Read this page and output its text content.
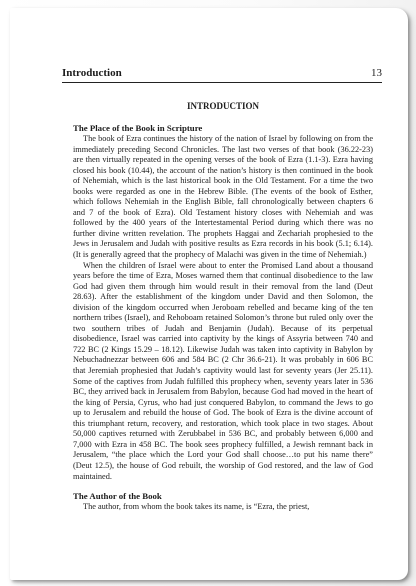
Introduction	13
INTRODUCTION
The Place of the Book in Scripture

The book of Ezra continues the history of the nation of Israel by following on from the immediately preceding Second Chronicles. The last two verses of that book (36.22-23) are then virtually repeated in the opening verses of the book of Ezra (1.1-3). Ezra having closed his book (10.44), the account of the nation’s history is then continued in the book of Nehemiah, which is the last historical book in the Old Testament. For a time the two books were regarded as one in the Hebrew Bible. (The events of the book of Esther, which follows Nehemiah in the English Bible, fall chronologically between chapters 6 and 7 of the book of Ezra). Old Testament history closes with Nehemiah and was followed by the 400 years of the Intertestamental Period during which there was no further divine written revelation. The prophets Haggai and Zechariah prophesied to the Jews in Jerusalem and Judah with positive results as Ezra records in his book (5.1; 6.14). (It is generally agreed that the prophecy of Malachi was given in the time of Nehemiah.)

When the children of Israel were about to enter the Promised Land about a thousand years before the time of Ezra, Moses warned them that continual disobedience to the law God had given them through him would result in their removal from the land (Deut 28.63). After the establishment of the kingdom under David and then Solomon, the division of the kingdom occurred when Jeroboam rebelled and became king of the ten northern tribes (Israel), and Rehoboam retained Solomon’s throne but ruled only over the two southern tribes of Judah and Benjamin (Judah). Because of its perpetual disobedience, Israel was carried into captivity by the kings of Assyria between 740 and 722 BC (2 Kings 15.29 – 18.12). Likewise Judah was taken into captivity in Babylon by Nebuchadnezzar between 606 and 584 BC (2 Chr 36.6-21). It was probably in 606 BC that Jeremiah prophesied that Judah’s captivity would last for seventy years (Jer 25.11). Some of the captives from Judah fulfilled this prophecy when, seventy years later in 536 BC, they arrived back in Jerusalem from Babylon, because God had moved in the heart of the king of Persia, Cyrus, who had just conquered Babylon, to command the Jews to go up to Jerusalem and rebuild the house of God. The book of Ezra is the divine account of this triumphant return, recovery, and restoration, which took place in two stages. About 50,000 captives returned with Zerubbabel in 536 BC, and probably between 6,000 and 7,000 with Ezra in 458 BC. The book sees prophecy fulfilled, a Jewish remnant back in Jerusalem, “the place which the Lord your God shall choose…to put his name there” (Deut 12.5), the house of God rebuilt, the worship of God restored, and the law of God maintained.

The Author of the Book

The author, from whom the book takes its name, is “Ezra, the priest,
